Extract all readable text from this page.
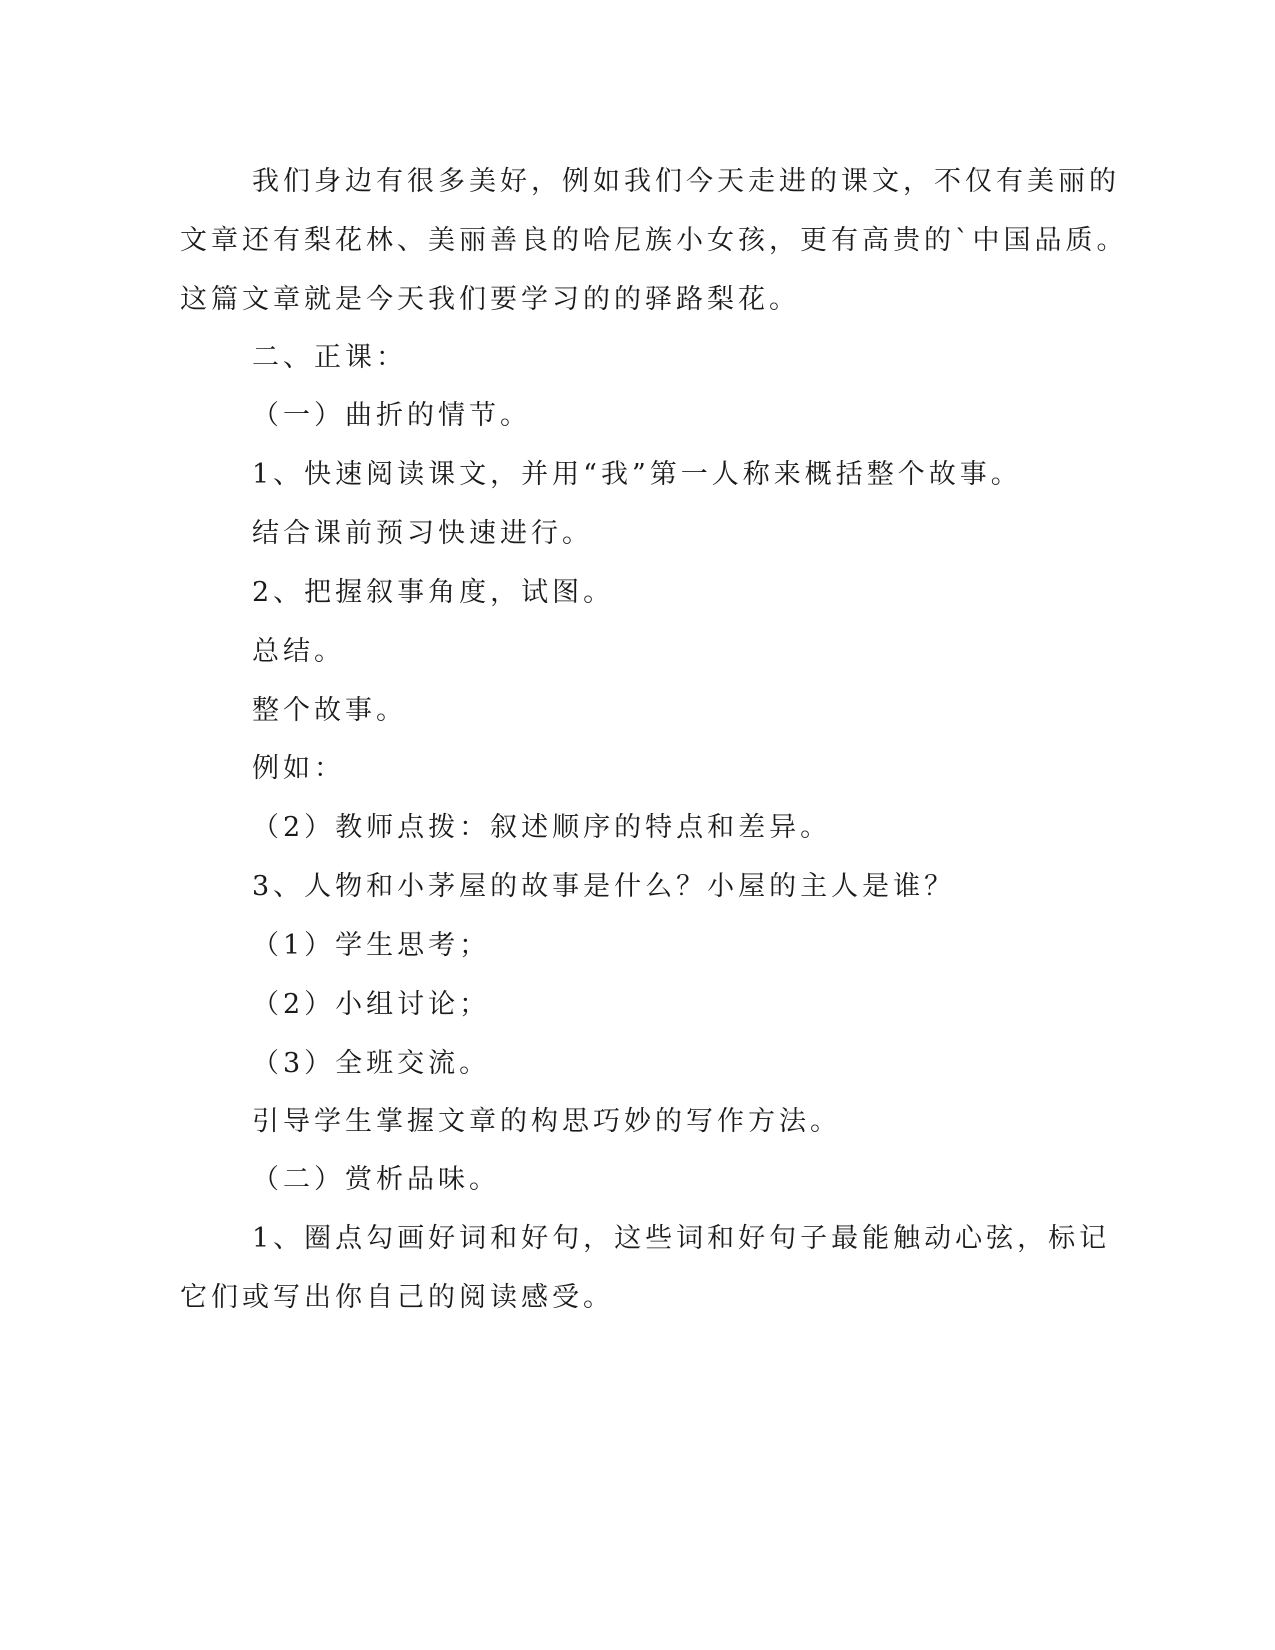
我们身边有很多美好，例如我们今天走进的课文，不仅有美丽的
文章还有梨花林、美丽善良的哈尼族小女孩，更有高贵的`中国品质。
这篇文章就是今天我们要学习的的驿路梨花。
二、正课：
（一）曲折的情节。
1、快速阅读课文，并用“我”第一人称来概括整个故事。
结合课前预习快速进行。
2、把握叙事角度，试图。
总结。
整个故事。
例如：
（2）教师点拨：叙述顺序的特点和差异。
3、人物和小茅屋的故事是什么？小屋的主人是谁？
（1）学生思考；
（2）小组讨论；
（3）全班交流。
引导学生掌握文章的构思巧妙的写作方法。
（二）赏析品味。
1、圈点勾画好词和好句，这些词和好句子最能触动心弦，标记
它们或写出你自己的阅读感受。
